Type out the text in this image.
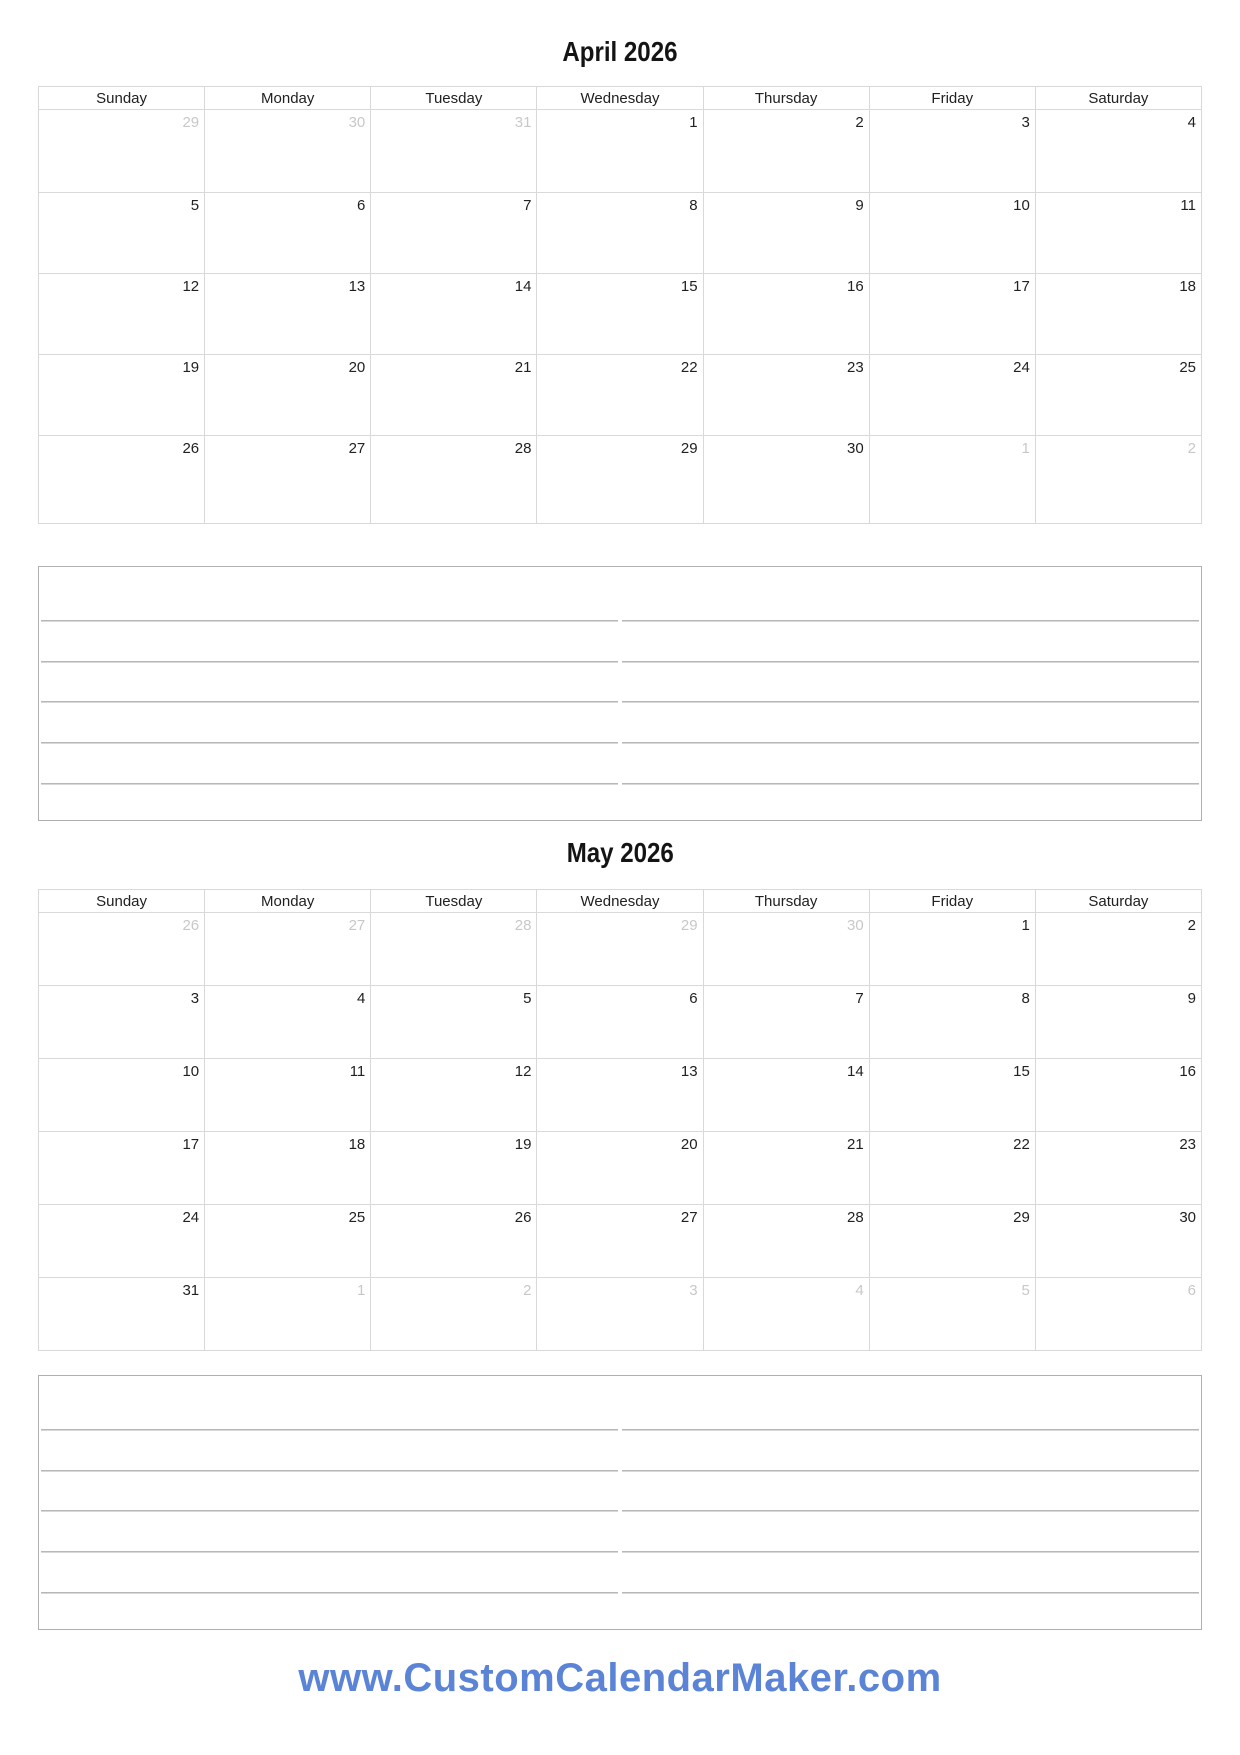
April 2026
Sunday	Monday	Tuesday	Wednesday	Thursday	Friday	Saturday
29	30	31	1	2	3	4
5	6	7	8	9	10	11
12	13	14	15	16	17	18
19	20	21	22	23	24	25
26	27	28	29	30	1	2
May 2026
Sunday	Monday	Tuesday	Wednesday	Thursday	Friday	Saturday
26	27	28	29	30	1	2
3	4	5	6	7	8	9
10	11	12	13	14	15	16
17	18	19	20	21	22	23
24	25	26	27	28	29	30
31	1	2	3	4	5	6
www.CustomCalendarMaker.com
